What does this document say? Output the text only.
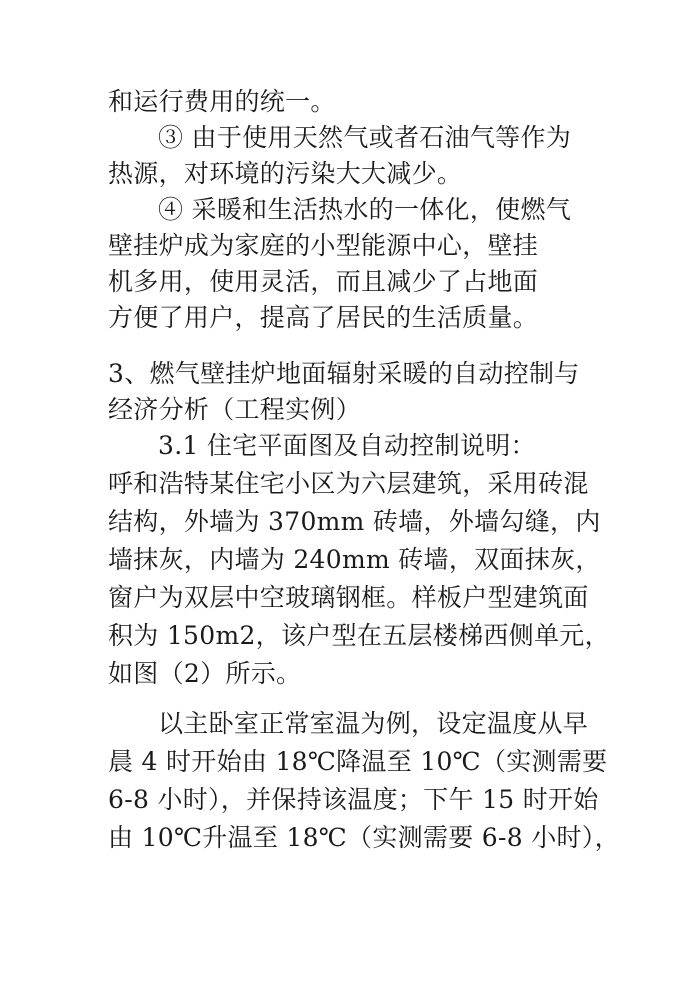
和运行费用的统一。
③ 由于使用天然气或者石油气等作为
热源，对环境的污染大大减少。
④ 采暖和生活热水的一体化，使燃气
壁挂炉成为家庭的小型能源中心，壁挂
机多用，使用灵活，而且减少了占地面
方便了用户，提高了居民的生活质量。
3、燃气壁挂炉地面辐射采暖的自动控制与
经济分析（工程实例）
3.1 住宅平面图及自动控制说明：
呼和浩特某住宅小区为六层建筑，采用砖混
结构，外墙为 370mm 砖墙，外墙勾缝，内
墙抹灰，内墙为 240mm 砖墙，双面抹灰，
窗户为双层中空玻璃钢框。样板户型建筑面
积为 150m2，该户型在五层楼梯西侧单元，
如图（2）所示。
以主卧室正常室温为例，设定温度从早
晨 4 时开始由 18℃降温至 10℃（实测需要
6-8 小时），并保持该温度；下午 15 时开始
由 10℃升温至 18℃（实测需要 6-8 小时），
